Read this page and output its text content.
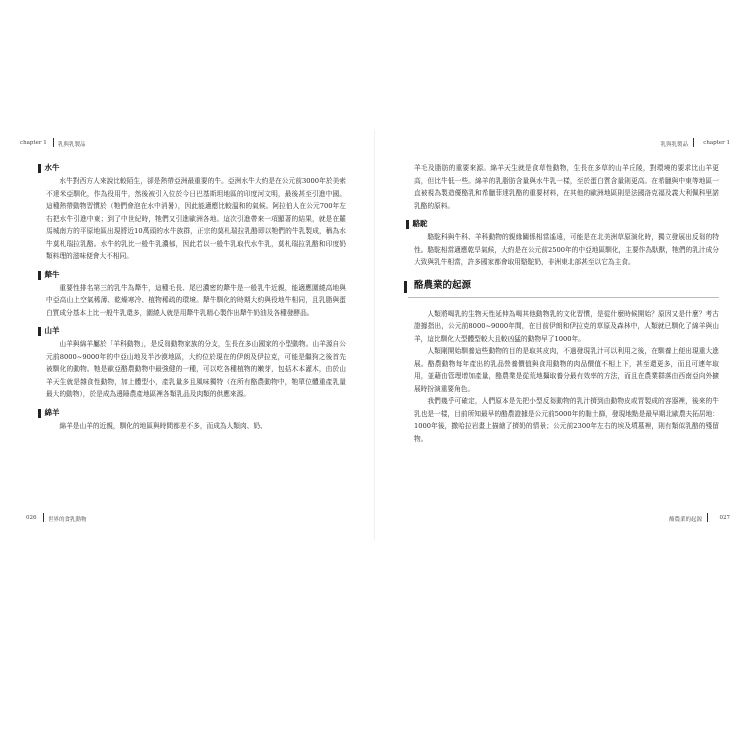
chapter 1 乳與乳製品
水牛

水牛對西方人來說比較陌生，卻是熱帶亞洲最重要的牛。亞洲水牛大約是在公元前3000年於美索不達米亞馴化，作為役用牛，然後被引入位於今日巴基斯坦地區的印度河文明，最後甚至引進中國。這種熱帶動物習慣於（牠們會泡在水中消暑），因此能適應比較溫和的氣候。阿拉伯人在公元700年左右把水牛引進中東；到了中世紀時，牠們又引進歐洲各地。這次引進帶來一項顯著的結果，就是在羅馬城南方的平原地區出現將近10萬頭的水牛族群，正宗的莫札瑞拉乳酪即以牠們的牛乳製成，稱為水牛莫札瑞拉乳酪。水牛的乳比一般牛乳濃郁，因此若以一般牛乳取代水牛乳，莫札瑞拉乳酪和印度奶類料理的滋味便會大不相同。

犛牛

重要性排名第三的乳牛為犛牛，這種毛長、尾巴濃密的犛牛是一般乳牛近親，能適應圍繞高地與中亞高山上空氣稀薄、乾燥寒冷、植物稀疏的環境。犛牛馴化的時期大約與役地牛相同，且乳脂與蛋白質成分基本上比一般牛乳還多，圍繞人就是用犛牛乳精心製作出犛牛奶油及各種發酵品。

山羊

山羊與綿羊屬於「羊科動物」，是反芻動物家族的分支，生長在多山國家的小型動物。山羊源自公元前8000~9000年的中亞山地及半沙漠地區，大約位於現在的伊朗及伊拉克，可能是繼狗之後首先被馴化的動物。牠是歐亞酪農動物中最強健的一種，可以吃各種植物的嫩芽，包括木本灌木，由於山羊天生就是雜食性動物，加上體型小，產乳量多且風味獨特（在所有酪農動物中，牠單位體重產乳量最大的動物），於是成為邊陲農產地區裡各類乳品及肉類的供應來源。

綿羊

綿羊是山羊的近親，馴化的地區與時間都差不多，而成為人類肉、奶、

026 世界的食乳動物
乳與乳製品	chapter 1

羊毛及脂肪的重要來源。綿羊天生就是食草性動物，生長在多草的山羊丘陵，對環境的要求比山羊更高，但比牛低一些。綿羊的乳脂肪含量與水牛乳一樣，至於蛋白質含量則更高。在希臘與中東等地區一直被視為製造優酪乳和希臘菲達乳酪的重要材料，在其他的歐洲地區則是法國洛克福及義大利佩科里諾乳酪的原料。

駱駝

駱駝科與牛科、羊科動物的親緣關係相當遙遠，可能是在北美洲草原演化時，獨立發展出反芻的特性。駱駝相當適應乾旱氣候，大約是在公元前2500年的中亞地區馴化，主要作為馱獸，牠們的乳汁成分大致與乳牛相當，許多國家都會取用駱駝奶，非洲東北部甚至以它為主食。

酪農業的起源

人類將喝乳的生物天性延伸為喝其他動物乳的文化習慣，是從什麼時候開始？原因又是什麼？考古證據指出，公元前8000~9000年間，在目前伊朗和伊拉克的草原及森林中，人類就已馴化了綿羊與山羊，這比馴化大型體型較大且較凶猛的動物早了1000年。

人類剛開始馴養這些動物的目的是取其皮肉，不過發現乳汁可以利用之後，在馴養上便出現重大進展。酪農動物每年產出的乳品營養價值與食用動物的肉品價值不相上下，甚至還更多，而且可連年取用，並藉由管理增加產量，酪農業是從荒地攝取養分最有效率的方法，而且在農業群落由西南亞向外擴展時扮演重要角色。

我們幾乎可確定，人們原本是先把小型反芻動物的乳汁擠到由動物皮或胃製成的容器裡，後來的牛乳也是一樣，目前所知最早的酪農證據是公元前5000年的黏土篩，發現地點是最早期北歐農夫拓居地：1000年後，撒哈拉岩畫上描繪了擠奶的情景；公元前2300年左右的埃及墳墓裡，則有類似乳酪的殘留物。

酪農業的起源	027
